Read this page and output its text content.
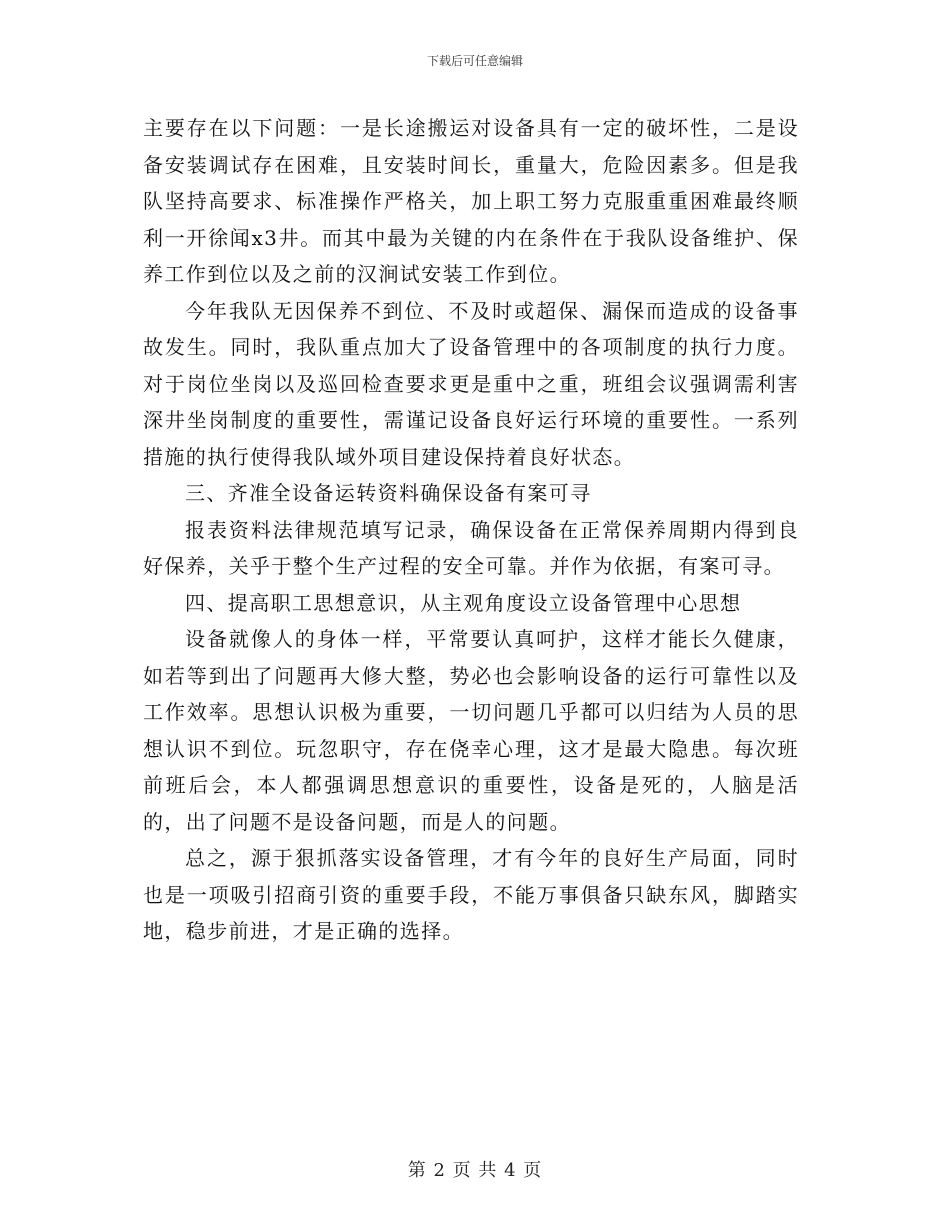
下载后可任意编辑

主要存在以下问题：一是长途搬运对设备具有一定的破坏性，二是设备安装调试存在困难，且安装时间长，重量大，危险因素多。但是我队坚持高要求、标准操作严格关，加上职工努力克服重重困难最终顺利一开徐闻x3井。而其中最为关键的内在条件在于我队设备维护、保养工作到位以及之前的汉涧试安装工作到位。

今年我队无因保养不到位、不及时或超保、漏保而造成的设备事故发生。同时，我队重点加大了设备管理中的各项制度的执行力度。对于岗位坐岗以及巡回检查要求更是重中之重，班组会议强调需利害深井坐岗制度的重要性，需谨记设备良好运行环境的重要性。一系列措施的执行使得我队域外项目建设保持着良好状态。

三、齐准全设备运转资料确保设备有案可寻

报表资料法律规范填写记录，确保设备在正常保养周期内得到良好保养，关乎于整个生产过程的安全可靠。并作为依据，有案可寻。

四、提高职工思想意识，从主观角度设立设备管理中心思想

设备就像人的身体一样，平常要认真呵护，这样才能长久健康，如若等到出了问题再大修大整，势必也会影响设备的运行可靠性以及工作效率。思想认识极为重要，一切问题几乎都可以归结为人员的思想认识不到位。玩忽职守，存在侥幸心理，这才是最大隐患。每次班前班后会，本人都强调思想意识的重要性，设备是死的，人脑是活的，出了问题不是设备问题，而是人的问题。

总之，源于狠抓落实设备管理，才有今年的良好生产局面，同时也是一项吸引招商引资的重要手段，不能万事俱备只缺东风，脚踏实地，稳步前进，才是正确的选择。

第 2 页 共 4 页
